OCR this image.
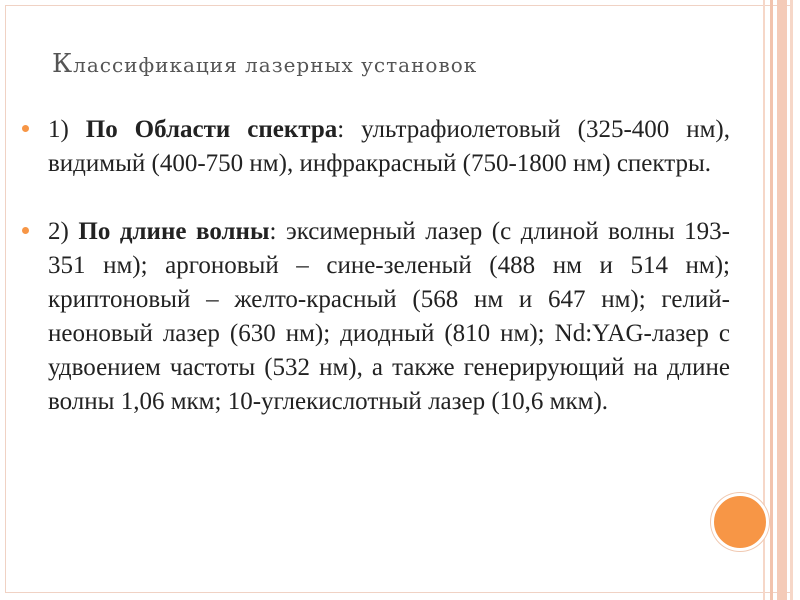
Классификация лазерных установок
1) По Области спектра: ультрафиолетовый (325-400 нм), видимый (400-750 нм), инфракрасный (750-1800 нм) спектры.
2) По длине волны: эксимерный лазер (с длиной волны 193-351 нм); аргоновый – сине-зеленый (488 нм и 514 нм); криптоновый – желто-красный (568 нм и 647 нм); гелий-неоновый лазер (630 нм); диодный (810 нм); Nd:YAG-лазер с удвоением частоты (532 нм), а также генерирующий на длине волны 1,06 мкм; 10-углекислотный лазер (10,6 мкм).
